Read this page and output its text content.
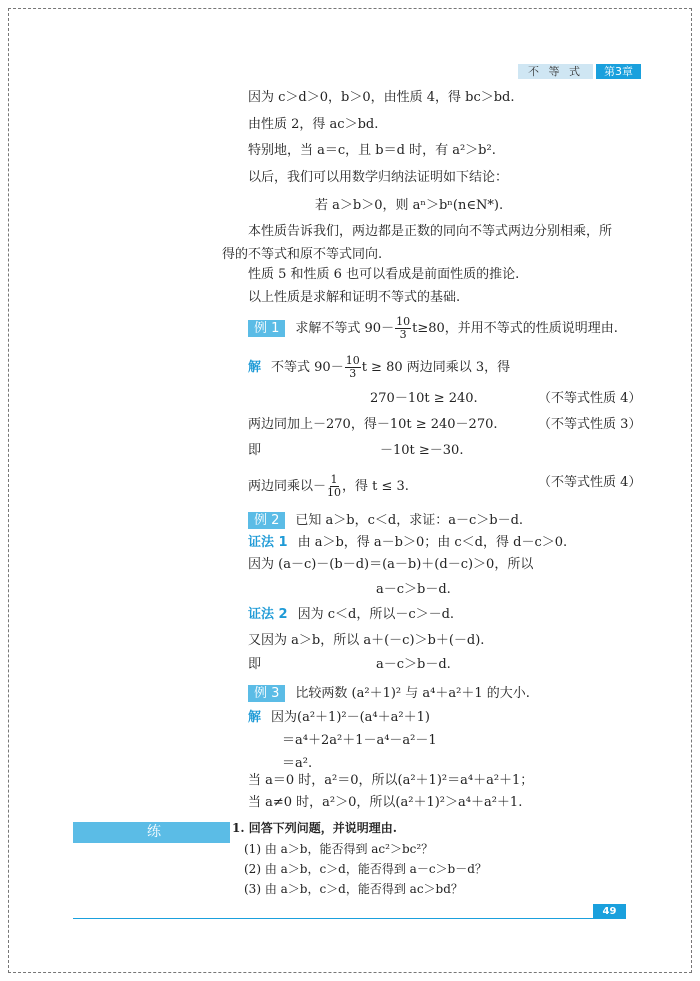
不 等 式	第3章
因为 c＞d＞0，b＞0，由性质 4，得 bc＞bd.
由性质 2，得 ac＞bd.
特别地，当 a＝c，且 b＝d 时，有 a²＞b².
以后，我们可以用数学归纳法证明如下结论：
若 a＞b＞0，则 aⁿ＞bⁿ(n∈N*).
本性质告诉我们，两边都是正数的同向不等式两边分别相乘，所
得的不等式和原不等式同向.
性质 5 和性质 6 也可以看成是前面性质的推论.
以上性质是求解和证明不等式的基础.
例 1 求解不等式 $90- \frac{10}{3} t\ge 80$，并用不等式的性质说明理由.
解 不等式 $90- \frac{10}{3}$ t ≥ 80 两边同乘以 3，得
270－10t ≥ 240.	（不等式性质 4）
两边同加上－270，得－10t ≥ 240－270.	（不等式性质 3）
即	－10t ≥－30.
两边同乘以－ $\frac{1}{10}$ ，得 t ≤ 3.	（不等式性质 4）
例 2 已知 a＞b，c＜d，求证：a－c＞b－d.
证法 1 由 a＞b，得 a－b＞0；由 c＜d，得 d－c＞0.
因为 (a－c)－(b－d)＝(a－b)＋(d－c)＞0，所以
a－c＞b－d.
证法 2 因为 c＜d，所以－c＞－d.
又因为 a＞b，所以 a＋(－c)＞b＋(－d).
即	a－c＞b－d.
例 3 比较两数 (a²＋1)² 与 a⁴＋a²＋1 的大小.
解 因为(a²＋1)²－(a⁴＋a²＋1)
＝a⁴＋2a²＋1－a⁴－a²－1
＝a².
当 a＝0 时，a²＝0，所以(a²＋1)²＝a⁴＋a²＋1；
当 a≠0 时，a²＞0，所以(a²＋1)²＞a⁴＋a²＋1.
练 习
1. 回答下列问题，并说明理由.
(1) 由 a＞b，能否得到 ac²＞bc²？
(2) 由 a＞b，c＞d，能否得到 a－c＞b－d？
(3) 由 a＞b，c＞d，能否得到 ac＞bd？
49
